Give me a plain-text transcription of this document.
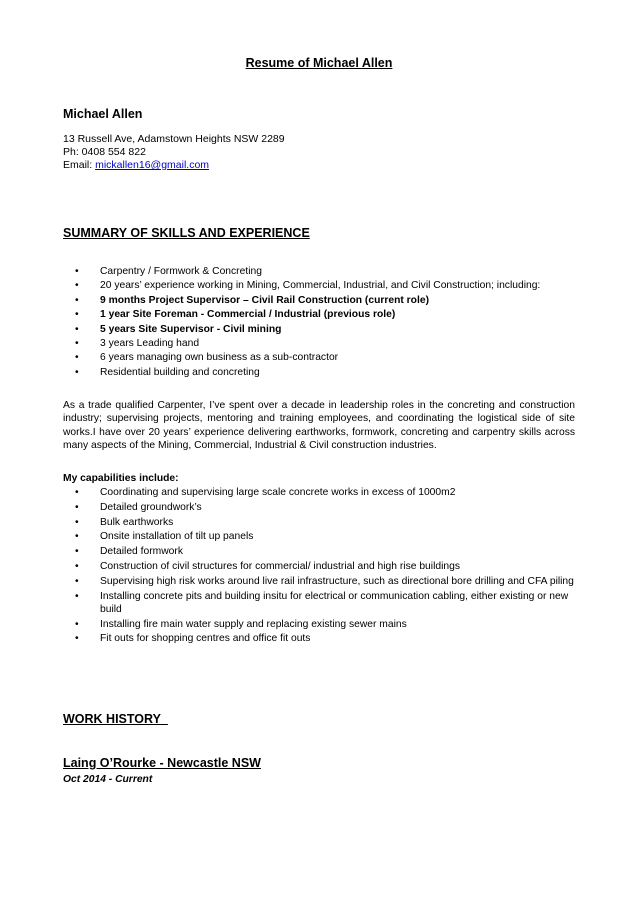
Resume of Michael Allen
Michael Allen
13 Russell Ave, Adamstown Heights NSW 2289
Ph: 0408 554 822
Email: mickallen16@gmail.com
SUMMARY OF SKILLS AND EXPERIENCE
• Carpentry / Formwork & Concreting
• 20 years’ experience working in Mining, Commercial, Industrial, and Civil Construction; including:
• 9 months Project Supervisor – Civil Rail Construction (current role)
• 1 year Site Foreman - Commercial / Industrial (previous role)
• 5 years Site Supervisor - Civil mining
• 3 years Leading hand
• 6 years managing own business as a sub-contractor
• Residential building and concreting
As a trade qualified Carpenter, I’ve spent over a decade in leadership roles in the concreting and construction industry; supervising projects, mentoring and training employees, and coordinating the logistical side of site works.I have over 20 years’ experience delivering earthworks, formwork, concreting and carpentry skills across many aspects of the Mining, Commercial, Industrial & Civil construction industries.
My capabilities include:
• Coordinating and supervising large scale concrete works in excess of 1000m2
• Detailed groundwork’s
• Bulk earthworks
• Onsite installation of tilt up panels
• Detailed formwork
• Construction of civil structures for commercial/ industrial and high rise buildings
• Supervising high risk works around live rail infrastructure, such as directional bore drilling and CFA piling
• Installing concrete pits and building insitu for electrical or communication cabling, either existing or new build
• Installing fire main water supply and replacing existing sewer mains
• Fit outs for shopping centres and office fit outs
WORK HISTORY
Laing O’Rourke - Newcastle NSW
Oct 2014 - Current
